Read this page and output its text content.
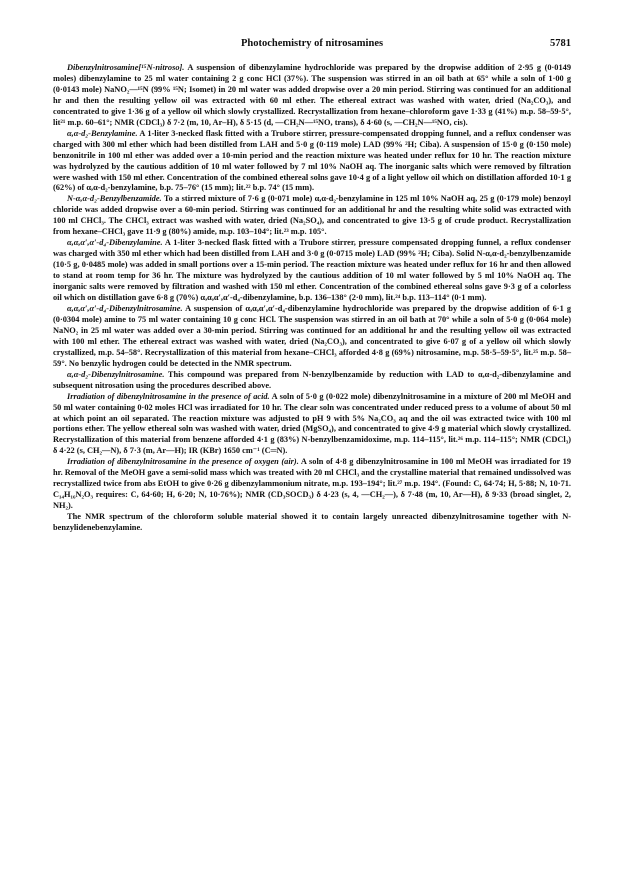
Photochemistry of nitrosamines	5781

Dibenzylnitrosamine[¹⁵N-nitroso]. A suspension of dibenzylamine hydrochloride was prepared by the dropwise addition of 2·95 g (0·0149 moles) dibenzylamine to 25 ml water containing 2 g conc HCl (37%). The suspension was stirred in an oil bath at 65° while a soln of 1·00 g (0·0143 mole) NaNO₂—¹⁵N (99% ¹⁵N; Isomet) in 20 ml water was added dropwise over a 20 min period. Stirring was continued for an additional hr and then the resulting yellow oil was extracted with 60 ml ether. The ethereal extract was washed with water, dried (Na₂CO₃), and concentrated to give 1·36 g of a yellow oil which slowly crystallized. Recrystallization from hexane–chloroform gave 1·33 g (41%) m.p. 58–59·5°, lit²¹ m.p. 60–61°; NMR (CDCl₃) δ 7·2 (m, 10, Ar–H), δ 5·15 (d, —CH₂N—¹⁵NO, trans), δ 4·60 (s, —CH₂N—¹⁵NO, cis).

α,α-d₂-Benzylamine. A 1-liter 3-necked flask fitted with a Trubore stirrer, pressure-compensated dropping funnel, and a reflux condenser was charged with 300 ml ether which had been distilled from LAH and 5·0 g (0·119 mole) LAD (99% ²H; Ciba). A suspension of 15·0 g (0·150 mole) benzonitrile in 100 ml ether was added over a 10-min period and the reaction mixture was heated under reflux for 10 hr. The reaction mixture was hydrolyzed by the cautious addition of 10 ml water followed by 7 ml 10% NaOH aq. The inorganic salts which were removed by filtration were washed with 150 ml ether. Concentration of the combined ethereal solns gave 10·4 g of a light yellow oil which on distillation afforded 10·1 g (62%) of α,α-d₂-benzylamine, b.p. 75–76° (15 mm); lit.²² b.p. 74° (15 mm).

N-α,α-d₂-Benzylbenzamide. To a stirred mixture of 7·6 g (0·071 mole) α,α-d₂-benzylamine in 125 ml 10% NaOH aq, 25 g (0·179 mole) benzoyl chloride was added dropwise over a 60-min period. Stirring was continued for an additional hr and the resulting white solid was extracted with 100 ml CHCl₃. The CHCl₃ extract was washed with water, dried (Na₂SO₄), and concentrated to give 13·5 g of crude product. Recrystallization from hexane–CHCl₃ gave 11·9 g (80%) amide, m.p. 103–104°; lit.²³ m.p. 105°.

α,α,α′,α′-d₄-Dibenzylamine. A 1-liter 3-necked flask fitted with a Trubore stirrer, pressure compensated dropping funnel, a reflux condenser was charged with 350 ml ether which had been distilled from LAH and 3·0 g (0·0715 mole) LAD (99% ²H; Ciba). Solid N-α,α-d₂-benzylbenzamide (10·5 g, 0·0485 mole) was added in small portions over a 15-min period. The reaction mixture was heated under reflux for 16 hr and then allowed to stand at room temp for 36 hr. The mixture was hydrolyzed by the cautious addition of 10 ml water followed by 5 ml 10% NaOH aq. The inorganic salts were removed by filtration and washed with 150 ml ether. Concentration of the combined ethereal solns gave 9·3 g of a colorless oil which on distillation gave 6·8 g (70%) α,α,α′,α′-d₄-dibenzylamine, b.p. 136–138° (2·0 mm), lit.²⁴ b.p. 113–114° (0·1 mm).

α,α,α′,α′-d₄-Dibenzylnitrosamine. A suspension of α,α,α′,α′-d₄-dibenzylamine hydrochloride was prepared by the dropwise addition of 6·1 g (0·0304 mole) amine to 75 ml water containing 10 g conc HCl. The suspension was stirred in an oil bath at 70° while a soln of 5·0 g (0·064 mole) NaNO₂ in 25 ml water was added over a 30-min period. Stirring was continued for an additional hr and the resulting yellow oil was extracted with 100 ml ether. The ethereal extract was washed with water, dried (Na₂CO₃), and concentrated to give 6·07 g of a yellow oil which slowly crystallized, m.p. 54–58°. Recrystallization of this material from hexane–CHCl₃ afforded 4·8 g (69%) nitrosamine, m.p. 58·5–59·5°, lit.²⁵ m.p. 58–59°. No benzylic hydrogen could be detected in the NMR spectrum.

α,α-d₂-Dibenzylnitrosamine. This compound was prepared from N-benzylbenzamide by reduction with LAD to α,α-d₂-dibenzylamine and subsequent nitrosation using the procedures described above.

Irradiation of dibenzylnitrosamine in the presence of acid. A soln of 5·0 g (0·022 mole) dibenzylnitrosamine in a mixture of 200 ml MeOH and 50 ml water containing 0·02 moles HCl was irradiated for 10 hr. The clear soln was concentrated under reduced press to a volume of about 50 ml at which point an oil separated. The reaction mixture was adjusted to pH 9 with 5% Na₂CO₃ aq and the oil was extracted twice with 100 ml portions ether. The yellow ethereal soln was washed with water, dried (MgSO₄), and concentrated to give 4·9 g material which slowly crystallized. Recrystallization of this material from benzene afforded 4·1 g (83%) N-benzylbenzamidoxime, m.p. 114–115°, lit.²⁶ m.p. 114–115°; NMR (CDCl₃) δ 4·22 (s, CH₂—N), δ 7·3 (m, Ar—H); IR (KBr) 1650 cm⁻¹ (C═N).

Irradiation of dibenzylnitrosamine in the presence of oxygen (air). A soln of 4·8 g dibenzylnitrosamine in 100 ml MeOH was irradiated for 19 hr. Removal of the MeOH gave a semi-solid mass which was treated with 20 ml CHCl₃ and the crystalline material that remained undissolved was recrystallized twice from abs EtOH to give 0·26 g dibenzylammonium nitrate, m.p. 193–194°; lit.²⁷ m.p. 194°. (Found: C, 64·74; H, 5·88; N, 10·71. C₁₄H₁₆N₂O₃ requires: C, 64·60; H, 6·20; N, 10·76%); NMR (CD₃SOCD₃) δ 4·23 (s, 4, —CH₂—), δ 7·48 (m, 10, Ar—H), δ 9·33 (broad singlet, 2, NH₂).

The NMR spectrum of the chloroform soluble material showed it to contain largely unreacted dibenzylnitrosamine together with N-benzylidenebenzylamine.
